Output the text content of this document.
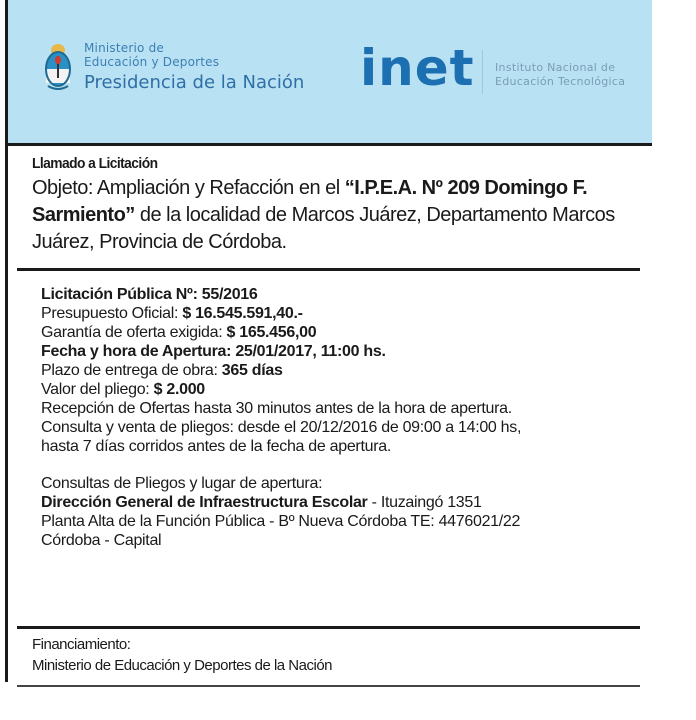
Ministerio de
Educación y Deportes
Presidencia de la Nación inet Instituto Nacional de
Educación Tecnológica
Llamado a Licitación
Objeto: Ampliación y Refacción en el “I.P.E.A. Nº 209 Domingo F. Sarmiento” de la localidad de Marcos Juárez, Departamento Marcos Juárez, Provincia de Córdoba.
Licitación Pública Nº: 55/2016
Presupuesto Oficial: $ 16.545.591,40.-
Garantía de oferta exigida: $ 165.456,00
Fecha y hora de Apertura: 25/01/2017, 11:00 hs.
Plazo de entrega de obra: 365 días
Valor del pliego: $ 2.000
Recepción de Ofertas hasta 30 minutos antes de la hora de apertura.
Consulta y venta de pliegos: desde el 20/12/2016 de 09:00 a 14:00 hs,
hasta 7 días corridos antes de la fecha de apertura.
Consultas de Pliegos y lugar de apertura:
Dirección General de Infraestructura Escolar - Ituzaingó 1351
Planta Alta de la Función Pública - Bº Nueva Córdoba TE: 4476021/22
Córdoba - Capital
Financiamiento:
Ministerio de Educación y Deportes de la Nación
